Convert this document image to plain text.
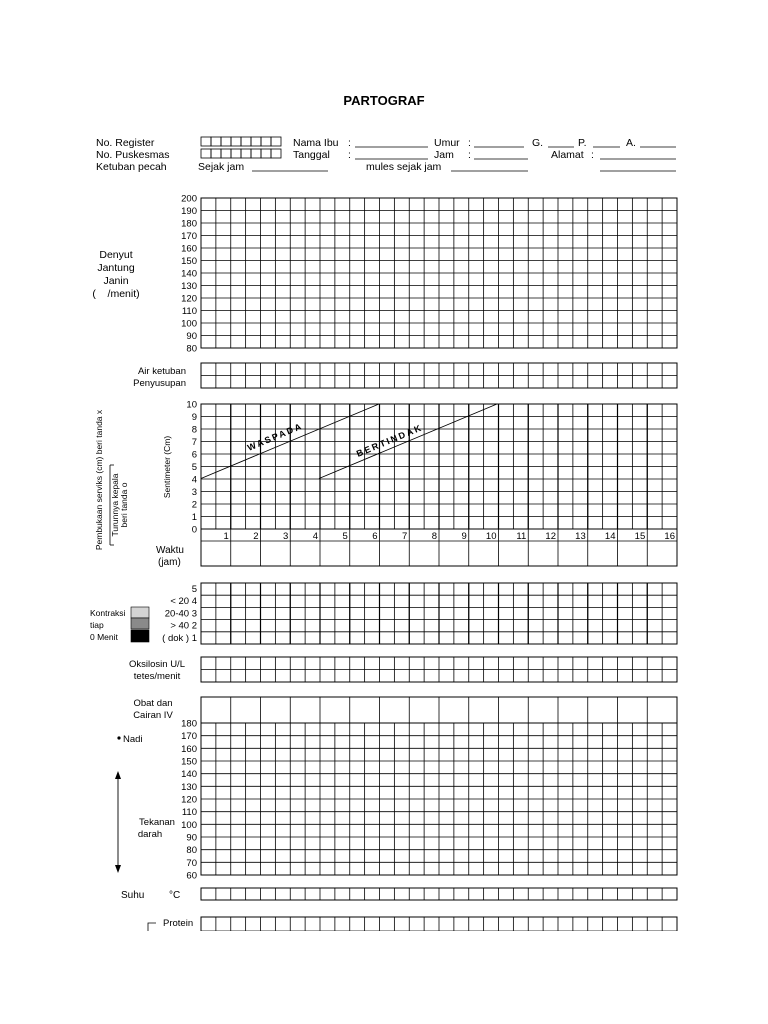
PARTOGRAF
No. Register
No. Puskesmas
Ketuban pecah	Sejak jam
Nama Ibu :
Tanggal :
mules sejak jam
Umur :
Jam :
G.	P.	A.
Alamat :
200
190
180
170
160
150
140
130
120
110
100
90
80
Denyut
Jantung
Janin
(    /menit)
Air ketuban
Penyusupan
10
9
8
7
6
5
4
3
2
1
0
1	2	3	4	5	6	7	8	9 10 11 12 13 14 15 16
WASPADA	BERTINDAK
Sentimeter (Cm)
Pembukaan serviks (cm) beri tanda x Turunnya kepala beri tanda o
Waktu
(jam)
5
< 20 4
20-40 3
> 40 2
( dok ) 1
Kontraksi
tiap
0 Menit
Oksilosin U/L
tetes/menit
Obat dan
Cairan IV
180
170
160
150
140
130
120
110
100
90
80
70
60
Nadi
Tekanan
darah
Suhu °C
Protein
